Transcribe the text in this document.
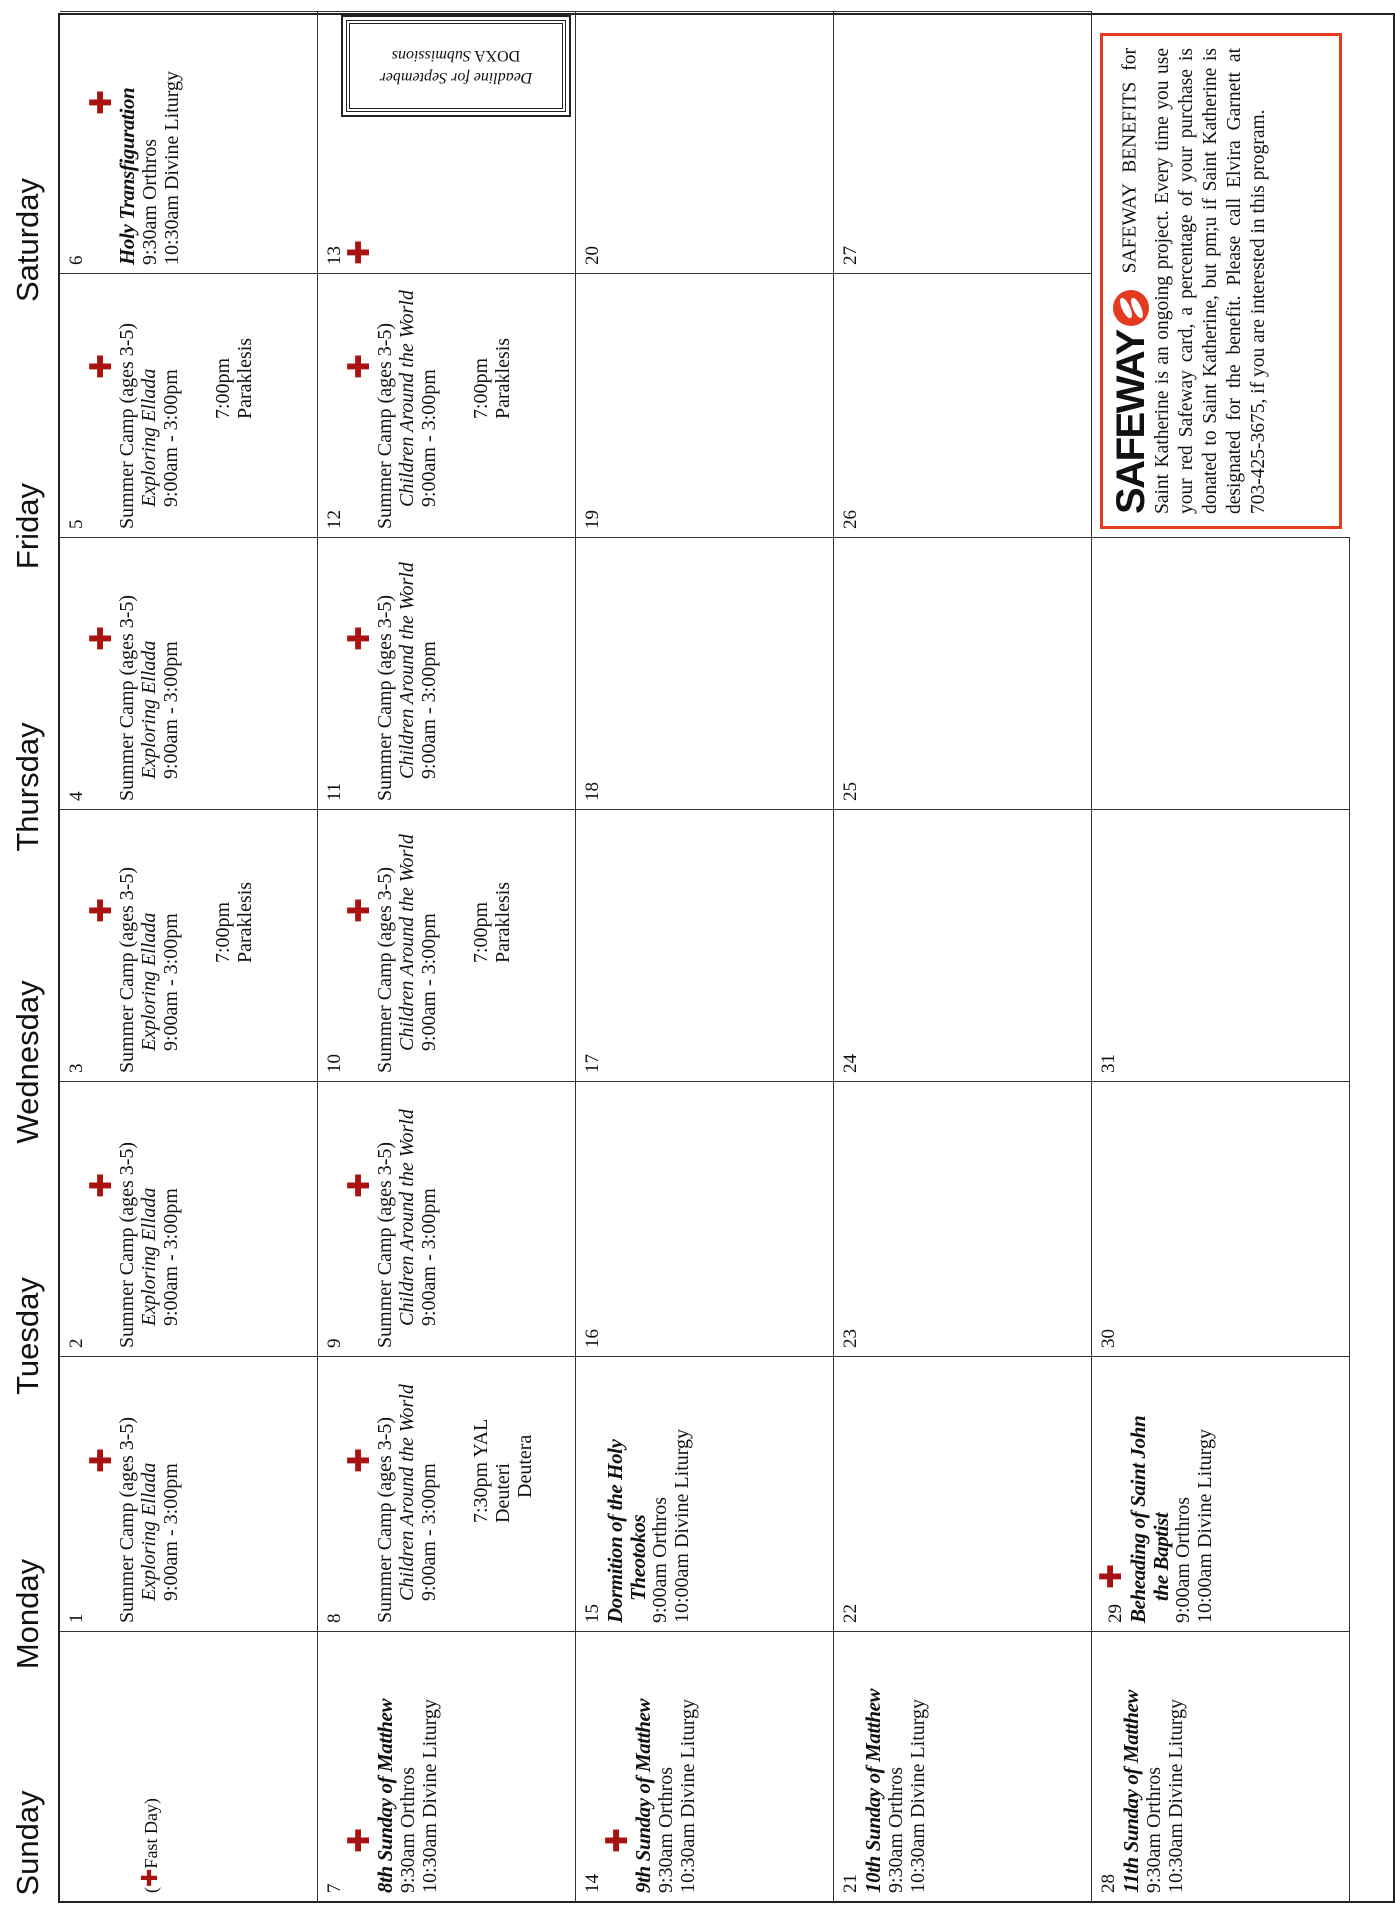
Sunday
Monday
Tuesday
Wednesday
Thursday
Friday
Saturday
(✚Fast Day)
1
✚
Summer Camp (ages 3-5) Exploring Ellada 9:00am - 3:00pm
2
✚
Summer Camp (ages 3-5) Exploring Ellada 9:00am - 3:00pm
3
✚
Summer Camp (ages 3-5) Exploring Ellada 9:00am - 3:00pm 7:00pm Paraklesis
4
✚
Summer Camp (ages 3-5) Exploring Ellada 9:00am - 3:00pm
5
✚
Summer Camp (ages 3-5) Exploring Ellada 9:00am - 3:00pm 7:00pm Paraklesis
6
✚
Holy Transfiguration
9:30am Orthros
10:30am Divine Liturgy
7
✚
8th Sunday of Matthew
9:30am Orthros
10:30am Divine Liturgy
8
✚
Summer Camp (ages 3-5) Children Around the World 9:00am - 3:00pm 7:30pm YAL Deuteri Deutera
9
✚
Summer Camp (ages 3-5) Children Around the World 9:00am - 3:00pm
10
✚
Summer Camp (ages 3-5) Children Around the World 9:00am - 3:00pm 7:00pm Paraklesis
11
✚
Summer Camp (ages 3-5) Children Around the World 9:00am - 3:00pm
12
✚
Summer Camp (ages 3-5) Children Around the World 9:00am - 3:00pm 7:00pm Paraklesis
13
✚
Deadline for September
DOXA Submissions
14
✚
9th Sunday of Matthew
9:30am Orthros
10:30am Divine Liturgy
15 Dormition of the Holy Theotokos 9:00am Orthros
10:00am Divine Liturgy
16
17
18
19
20
21 10th Sunday of Matthew
9:30am Orthros
10:30am Divine Liturgy
22
23
24
25
26
27
28 11th Sunday of Matthew
9:30am Orthros
10:30am Divine Liturgy
29 ✚
Beheading of Saint John the Baptist 9:00am Orthros
10:00am Divine Liturgy
30
31
SAFEWAY
SAFEWAY BENEFITS for Saint Katherine is an ongoing project. Every time you use your red Safeway card, a percentage of your purchase is donated to Saint Katherine, but pm;u if Saint Katherine is designated for the benefit. Please call Elvira Garnett at 703-425-3675, if you are interested in this program.
